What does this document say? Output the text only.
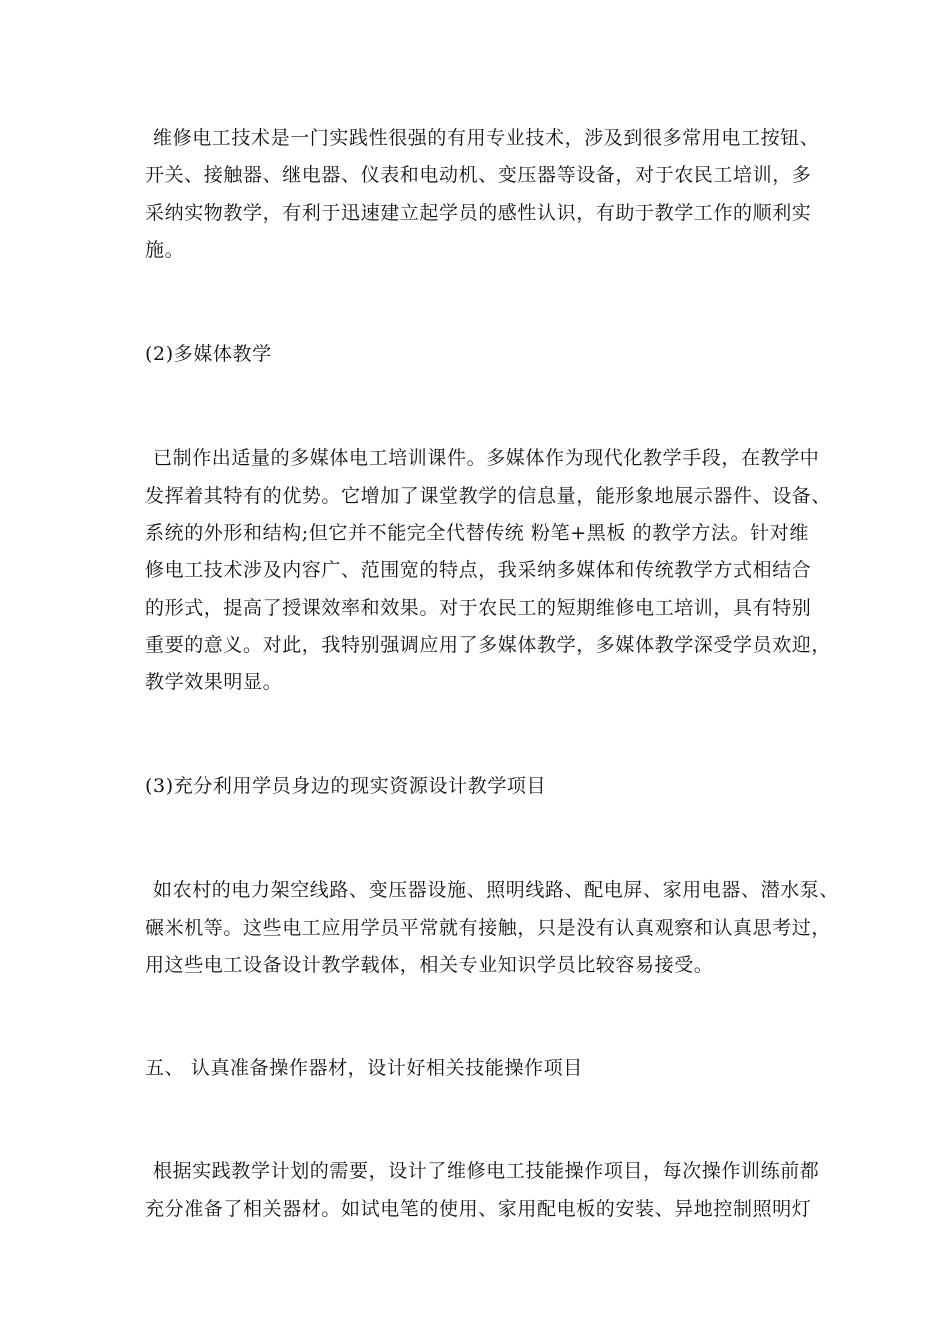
维修电工技术是一门实践性很强的有用专业技术，涉及到很多常用电工按钮、
开关、接触器、继电器、仪表和电动机、变压器等设备，对于农民工培训，多
采纳实物教学，有利于迅速建立起学员的感性认识，有助于教学工作的顺利实
施。
(2)多媒体教学
已制作出适量的多媒体电工培训课件。多媒体作为现代化教学手段，在教学中
发挥着其特有的优势。它增加了课堂教学的信息量，能形象地展示器件、设备、
系统的外形和结构;但它并不能完全代替传统 粉笔+黑板 的教学方法。针对维
修电工技术涉及内容广、范围宽的特点，我采纳多媒体和传统教学方式相结合
的形式，提高了授课效率和效果。对于农民工的短期维修电工培训，具有特别
重要的意义。对此，我特别强调应用了多媒体教学，多媒体教学深受学员欢迎，
教学效果明显。
(3)充分利用学员身边的现实资源设计教学项目
如农村的电力架空线路、变压器设施、照明线路、配电屏、家用电器、潜水泵、
碾米机等。这些电工应用学员平常就有接触，只是没有认真观察和认真思考过，
用这些电工设备设计教学载体，相关专业知识学员比较容易接受。
五、 认真准备操作器材，设计好相关技能操作项目
根据实践教学计划的需要，设计了维修电工技能操作项目，每次操作训练前都
充分准备了相关器材。如试电笔的使用、家用配电板的安装、异地控制照明灯
